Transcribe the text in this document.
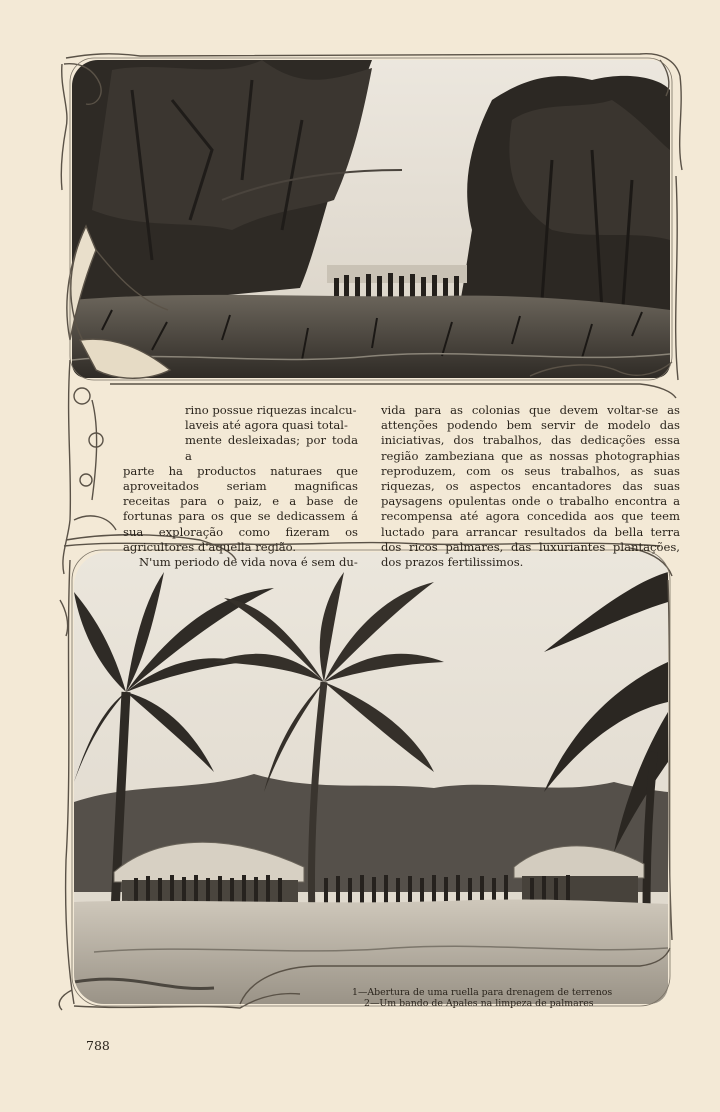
rino possue riquezas incalcu-

laveis até agora quasi total-

mente desleixadas; por toda a

parte ha productos naturaes que aproveitados seriam magnificas receitas para o paiz, e a base de fortunas para os que se dedicassem á sua exploração como fizeram os agricultores d'aquella região.

N'um periodo de vida nova é sem du-

vida para as colonias que devem voltar-se as attenções podendo bem servir de modelo das iniciativas, dos trabalhos, das dedicações essa região zambeziana que as nossas photographias reproduzem, com os seus trabalhos, as suas riquezas, os aspectos encantadores das suas paysagens opulentas onde o trabalho encontra a recompensa até agora concedida aos que teem luctado para arrancar resultados da bella terra dos ricos palmares, das luxuriantes plantações, dos prazos fertilissimos.

1—Abertura de uma ruella para drenagem de terrenos
2—Um bando de Apales na limpeza de palmares
788
